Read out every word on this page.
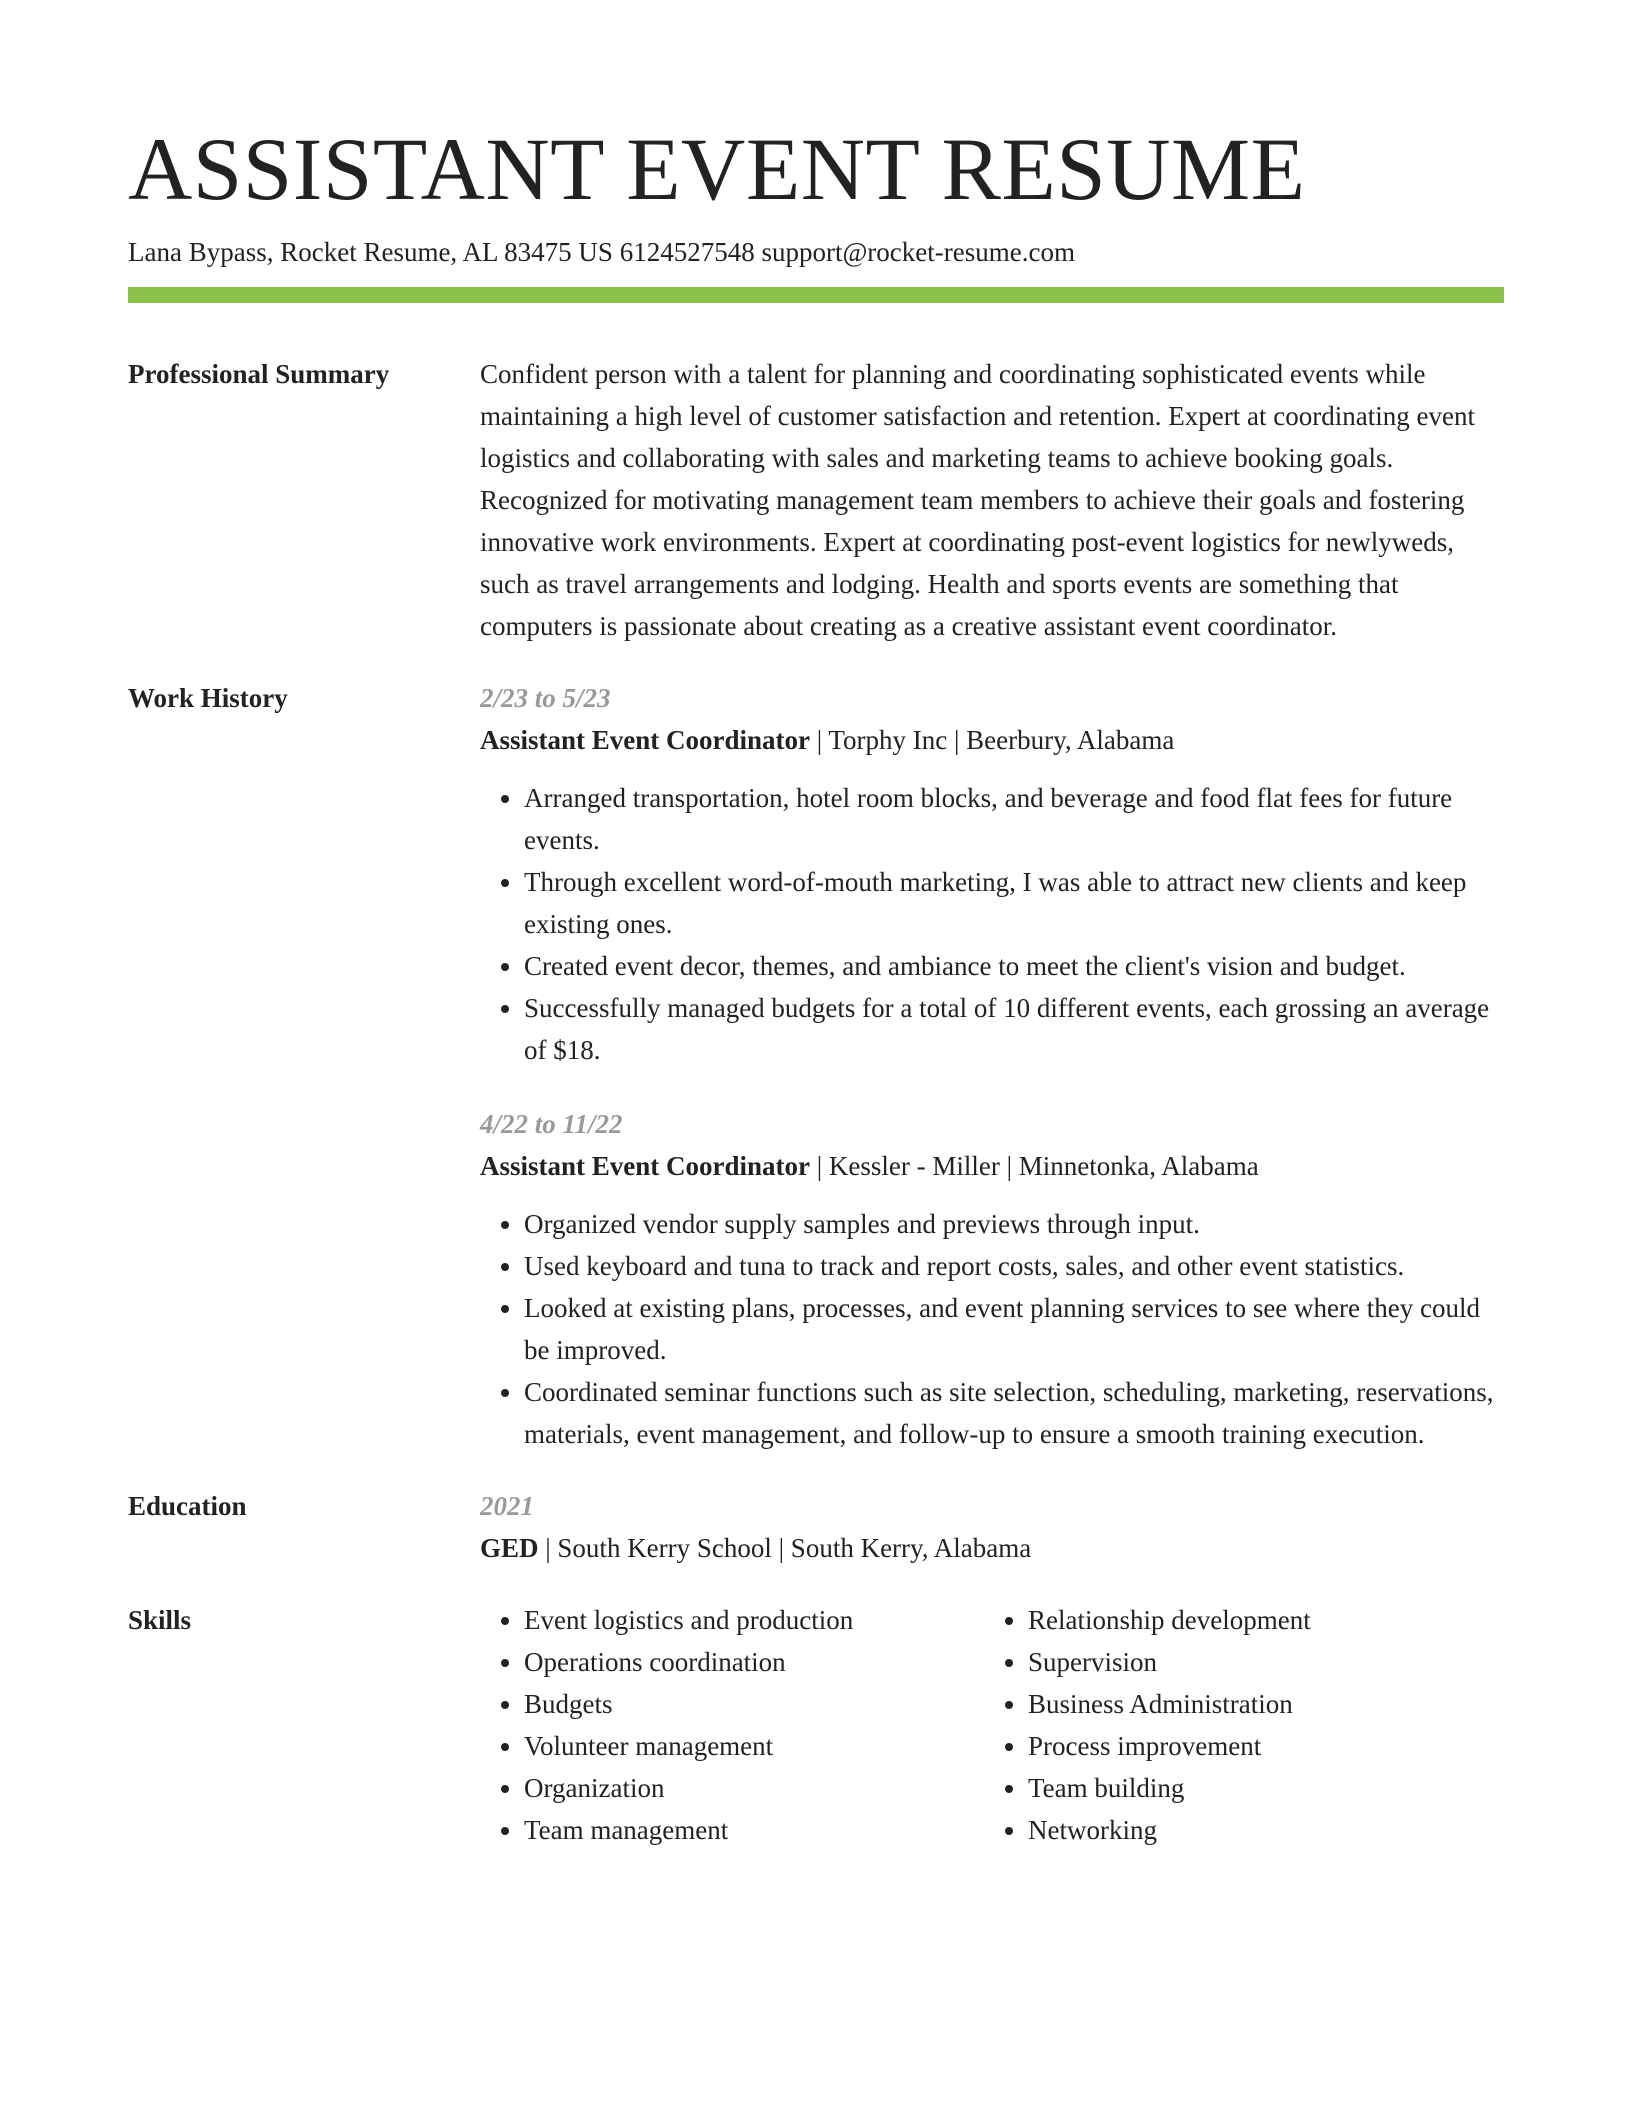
ASSISTANT EVENT RESUME
Lana Bypass, Rocket Resume, AL 83475 US 6124527548 support@rocket-resume.com
Professional Summary	Confident person with a talent for planning and coordinating sophisticated events while maintaining a high level of customer satisfaction and retention. Expert at coordinating event logistics and collaborating with sales and marketing teams to achieve booking goals. Recognized for motivating management team members to achieve their goals and fostering innovative work environments. Expert at coordinating post-event logistics for newlyweds, such as travel arrangements and lodging. Health and sports events are something that computers is passionate about creating as a creative assistant event coordinator.
Work History	2/23 to 5/23
Assistant Event Coordinator | Torphy Inc | Beerbury, Alabama
• Arranged transportation, hotel room blocks, and beverage and food flat fees for future events.
• Through excellent word-of-mouth marketing, I was able to attract new clients and keep existing ones.
• Created event decor, themes, and ambiance to meet the client's vision and budget.
• Successfully managed budgets for a total of 10 different events, each grossing an average of $18.
4/22 to 11/22
Assistant Event Coordinator | Kessler - Miller | Minnetonka, Alabama
• Organized vendor supply samples and previews through input.
• Used keyboard and tuna to track and report costs, sales, and other event statistics.
• Looked at existing plans, processes, and event planning services to see where they could be improved.
• Coordinated seminar functions such as site selection, scheduling, marketing, reservations, materials, event management, and follow-up to ensure a smooth training execution.
Education	2021
GED | South Kerry School | South Kerry, Alabama
Skills
•	Event logistics and production
• Operations coordination
• Budgets
• Volunteer management
• Organization
• Team management
• Relationship development
• Supervision
• Business Administration
• Process improvement
• Team building
• Networking
